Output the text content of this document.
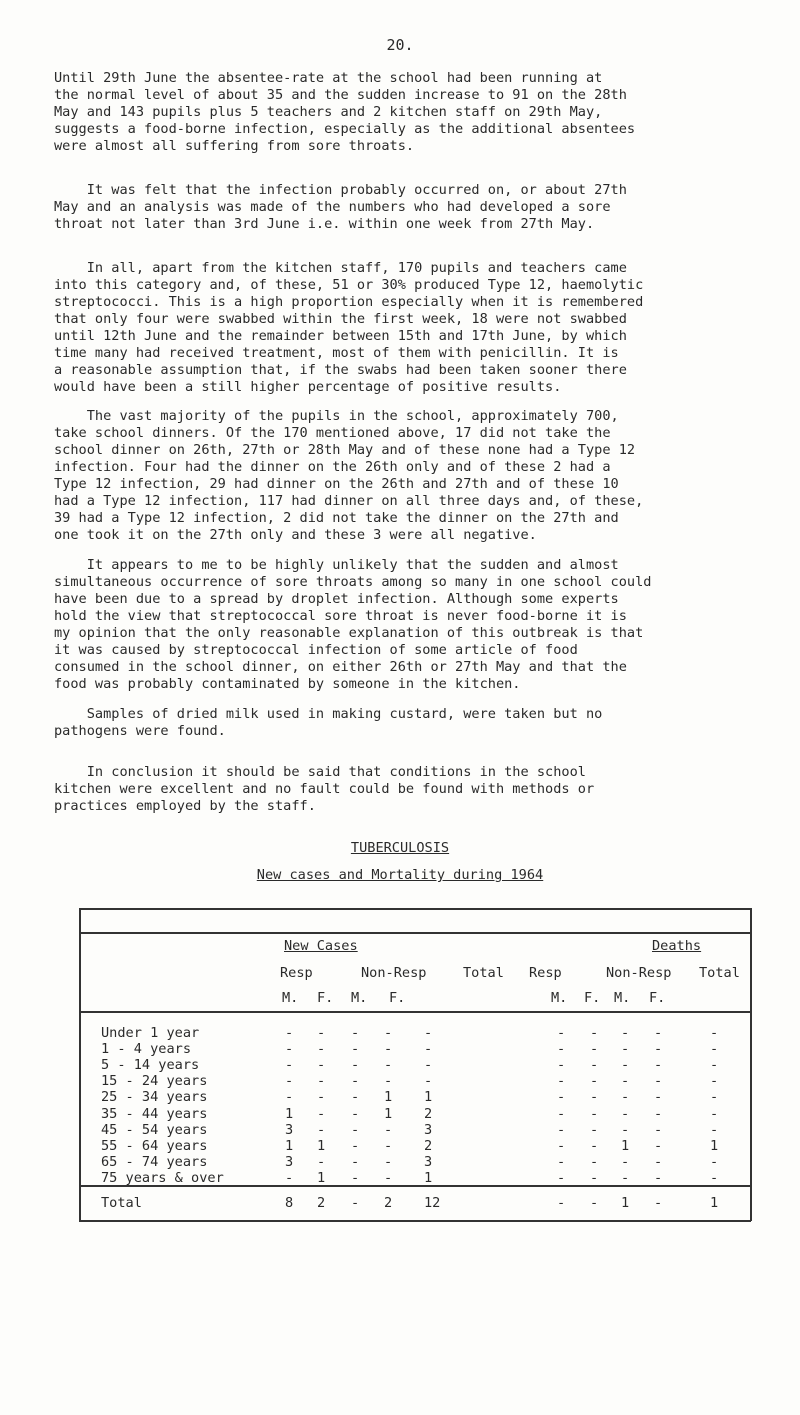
20.

Until 29th June the absentee-rate at the school had been running at
the normal level of about 35 and the sudden increase to 91 on the 28th
May and 143 pupils plus 5 teachers and 2 kitchen staff on 29th May,
suggests a food-borne infection, especially as the additional absentees
were almost all suffering from sore throats.

It was felt that the infection probably occurred on, or about 27th
May and an analysis was made of the numbers who had developed a sore
throat not later than 3rd June i.e. within one week from 27th May.

In all, apart from the kitchen staff, 170 pupils and teachers came
into this category and, of these, 51 or 30% produced Type 12, haemolytic
streptococci. This is a high proportion especially when it is remembered
that only four were swabbed within the first week, 18 were not swabbed
until 12th June and the remainder between 15th and 17th June, by which
time many had received treatment, most of them with penicillin. It is
a reasonable assumption that, if the swabs had been taken sooner there
would have been a still higher percentage of positive results.

The vast majority of the pupils in the school, approximately 700,
take school dinners. Of the 170 mentioned above, 17 did not take the
school dinner on 26th, 27th or 28th May and of these none had a Type 12
infection. Four had the dinner on the 26th only and of these 2 had a
Type 12 infection, 29 had dinner on the 26th and 27th and of these 10
had a Type 12 infection, 117 had dinner on all three days and, of these,
39 had a Type 12 infection, 2 did not take the dinner on the 27th and
one took it on the 27th only and these 3 were all negative.

It appears to me to be highly unlikely that the sudden and almost
simultaneous occurrence of sore throats among so many in one school could
have been due to a spread by droplet infection. Although some experts
hold the view that streptococcal sore throat is never food-borne it is
my opinion that the only reasonable explanation of this outbreak is that
it was caused by streptococcal infection of some article of food
consumed in the school dinner, on either 26th or 27th May and that the
food was probably contaminated by someone in the kitchen.

Samples of dried milk used in making custard, were taken but no
pathogens were found.

In conclusion it should be said that conditions in the school
kitchen were excellent and no fault could be found with methods or
practices employed by the staff.

TUBERCULOSIS
New cases and Mortality during 1964
New Cases	Deaths
Resp	Non-Resp	Total Resp	Non-Resp Total
M. F. M. F.	M. F. M. F.
Under 1 year	- - - - -	- - - -	-
1 - 4 years	- - - - -	- - - -	-
5 - 14 years	- - - - -	- - - -	-
15 - 24 years	- - - - -	- - - -	-
25 - 34 years	- - - 1 1	- - - -	-
35 - 44 years	1 - - 1 2	- - - -	-
45 - 54 years	3 - - - 3	- - - -	-
55 - 64 years	1 1 - - 2	- - 1 -	1
65 - 74 years	3 - - - 3	- - - -	-
75 years & over	- 1 - - 1	- - - -	-
Total	8 2 - 2 12	- - 1 -	1
